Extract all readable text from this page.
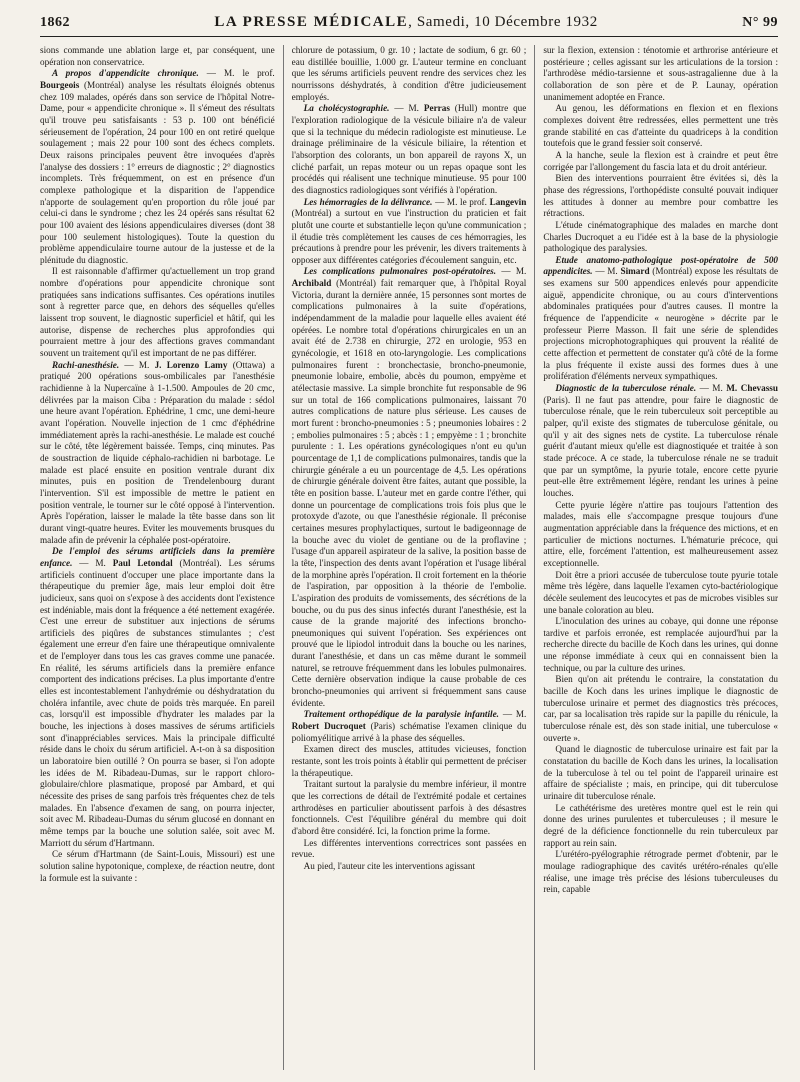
1862	LA PRESSE MÉDICALE, Samedi, 10 Décembre 1932	N° 99

sions commande une ablation large et, par conséquent, une opération non conservatrice.

A propos d'appendicite chronique. — M. le prof. Bourgeois (Montréal) analyse les résultats éloignés obtenus chez 109 malades, opérés dans son service de l'hôpital Notre-Dame, pour « appendicite chronique ». Il s'émeut des résultats qu'il trouve peu satisfaisants : 53 p. 100 ont bénéficié sérieusement de l'opération, 24 pour 100 en ont retiré quelque soulagement ; mais 22 pour 100 sont des échecs complets. Deux raisons principales peuvent être invoquées d'après l'analyse des dossiers : 1° erreurs de diagnostic ; 2° diagnostics incomplets. Très fréquemment, on est en présence d'un complexe pathologique et la disparition de l'appendice n'apporte de soulagement qu'en proportion du rôle joué par celui-ci dans le syndrome ; chez les 24 opérés sans résultat 62 pour 100 avaient des lésions appendiculaires diverses (dont 38 pour 100 seulement histologiques). Toute la question du problème appendiculaire tourne autour de la justesse et de la plénitude du diagnostic.

Il est raisonnable d'affirmer qu'actuellement un trop grand nombre d'opérations pour appendicite chronique sont pratiquées sans indications suffisantes. Ces opérations inutiles sont à regretter parce que, en dehors des séquelles qu'elles laissent trop souvent, le diagnostic superficiel et hâtif, qui les autorise, dispense de recherches plus approfondies qui pourraient mettre à jour des affections graves commandant souvent un traitement qu'il est important de ne pas différer.

Rachi-anesthésie. — M. J. Lorenzo Lamy (Ottawa) a pratiqué 200 opérations sous-ombilicales par l'anesthésie rachidienne à la Nupercaïne à 1-1.500. Ampoules de 20 cmc, délivrées par la maison Ciba : Préparation du malade : sédol une heure avant l'opération. Ephédrine, 1 cmc, une demi-heure avant l'opération. Nouvelle injection de 1 cmc d'éphédrine immédiatement après la rachi-anesthésie. Le malade est couché sur le côté, tête légèrement baissée. Temps, cinq minutes. Pas de soustraction de liquide céphalo-rachidien ni barbotage. Le malade est placé ensuite en position ventrale durant dix minutes, puis en position de Trendelenbourg durant l'intervention. S'il est impossible de mettre le patient en position ventrale, le tourner sur le côté opposé à l'intervention. Après l'opération, laisser le malade la tête basse dans son lit durant vingt-quatre heures. Eviter les mouvements brusques du malade afin de prévenir la céphalée post-opératoire.

De l'emploi des sérums artificiels dans la première enfance. — M. Paul Letondal (Montréal). Les sérums artificiels continuent d'occuper une place importante dans la thérapeutique du premier âge, mais leur emploi doit être judicieux, sans quoi on s'expose à des accidents dont l'existence est indéniable, mais dont la fréquence a été nettement exagérée. C'est une erreur de substituer aux injections de sérums artificiels des piqûres de substances stimulantes ; c'est également une erreur d'en faire une thérapeutique omnivalente et de l'employer dans tous les cas graves comme une panacée. En réalité, les sérums artificiels dans la première enfance comportent des indications précises. La plus importante d'entre elles est incontestablement l'anhydrémie ou déshydratation du choléra infantile, avec chute de poids très marquée. En pareil cas, lorsqu'il est impossible d'hydrater les malades par la bouche, les injections à doses massives de sérums artificiels sont d'inappréciables services. Mais la principale difficulté réside dans le choix du sérum artificiel. A-t-on à sa disposition un laboratoire bien outillé ? On pourra se baser, si l'on adopte les idées de M. Ribadeau-Dumas, sur le rapport chloro-globulaire/chlore plasmatique, proposé par Ambard, et qui nécessite des prises de sang parfois très fréquentes chez de tels malades. En l'absence d'examen de sang, on pourra injecter, soit avec M. Ribadeau-Dumas du sérum glucosé en donnant en même temps par la bouche une solution salée, soit avec M. Marriott du sérum d'Hartmann.

Ce sérum d'Hartmann (de Saint-Louis, Missouri) est une solution saline hypotonique, complexe, de réaction neutre, dont la formule est la suivante :

chlorure de potassium, 0 gr. 10 ; lactate de sodium, 6 gr. 60 ; eau distillée bouillie, 1.000 gr. L'auteur termine en concluant que les sérums artificiels peuvent rendre des services chez les nourrissons déshydratés, à condition d'être judicieusement employés.

La cholécystographie. — M. Perras (Hull) montre que l'exploration radiologique de la vésicule biliaire n'a de valeur que si la technique du médecin radiologiste est minutieuse. Le drainage préliminaire de la vésicule biliaire, la rétention et l'absorption des colorants, un bon appareil de rayons X, un cliché parfait, un repas moteur ou un repas opaque sont les procédés qui réalisent une technique minutieuse. 95 pour 100 des diagnostics radiologiques sont vérifiés à l'opération.

Les hémorragies de la délivrance. — M. le prof. Langevin (Montréal) a surtout en vue l'instruction du praticien et fait plutôt une courte et substantielle leçon qu'une communication ; il étudie très complètement les causes de ces hémorragies, les précautions à prendre pour les prévenir, les divers traitements à opposer aux différentes catégories d'écoulement sanguin, etc.

Les complications pulmonaires post-opératoires. — M. Archibald (Montréal) fait remarquer que, à l'hôpital Royal Victoria, durant la dernière année, 15 personnes sont mortes de complications pulmonaires à la suite d'opérations, indépendamment de la maladie pour laquelle elles avaient été opérées. Le nombre total d'opérations chirurgicales en un an avait été de 2.738 en chirurgie, 272 en urologie, 953 en gynécologie, et 1618 en oto-laryngologie. Les complications pulmonaires furent : bronchectasie, broncho-pneumonie, pneumonie lobaire, embolie, abcès du poumon, empyème et atélectasie massive. La simple bronchite fut responsable de 96 sur un total de 166 complications pulmonaires, laissant 70 autres complications de nature plus sérieuse. Les causes de mort furent : broncho-pneumonies : 5 ; pneumonies lobaires : 2 ; embolies pulmonaires : 5 ; abcès : 1 ; empyème : 1 ; bronchite purulente : 1. Les opérations gynécologiques n'ont eu qu'un pourcentage de 1,1 de complications pulmonaires, tandis que la chirurgie générale a eu un pourcentage de 4,5. Les opérations de chirurgie générale doivent être faites, autant que possible, la tête en position basse. L'auteur met en garde contre l'éther, qui donne un pourcentage de complications trois fois plus que le protoxyde d'azote, ou que l'anesthésie régionale. Il préconise certaines mesures prophylactiques, surtout le badigeonnage de la bouche avec du violet de gentiane ou de la proflavine ; l'usage d'un appareil aspirateur de la salive, la position basse de la tête, l'inspection des dents avant l'opération et l'usage libéral de la morphine après l'opération. Il croit fortement en la théorie de l'aspiration, par opposition à la théorie de l'embolie. L'aspiration des produits de vomissements, des sécrétions de la bouche, ou du pus des sinus infectés durant l'anesthésie, est la cause de la grande majorité des infections broncho-pneumoniques qui suivent l'opération. Ses expériences ont prouvé que le lipiodol introduit dans la bouche ou les narines, durant l'anesthésie, et dans un cas même durant le sommeil naturel, se retrouve fréquemment dans les lobules pulmonaires. Cette dernière observation indique la cause probable de ces broncho-pneumonies qui arrivent si fréquemment sans cause évidente.

Traitement orthopédique de la paralysie infantile. — M. Robert Ducroquet (Paris) schématise l'examen clinique du poliomyélitique arrivé à la phase des séquelles.

Examen direct des muscles, attitudes vicieuses, fonction restante, sont les trois points à établir qui permettent de préciser la thérapeutique.

Traitant surtout la paralysie du membre inférieur, il montre que les corrections de détail de l'extrémité podale et certaines arthrodèses en particulier aboutissent parfois à des désastres fonctionnels. C'est l'équilibre général du membre qui doit d'abord être considéré. Ici, la fonction prime la forme.

Les différentes interventions correctrices sont passées en revue.

Au pied, l'auteur cite les interventions agissant

sur la flexion, extension : ténotomie et arthrorise antérieure et postérieure ; celles agissant sur les articulations de la torsion : l'arthrodèse médio-tarsienne et sous-astragalienne due à la collaboration de son père et de P. Launay, opération unanimement adoptée en France.

Au genou, les déformations en flexion et en flexions complexes doivent être redressées, elles permettent une très grande stabilité en cas d'atteinte du quadriceps à la condition toutefois que le grand fessier soit conservé.

A la hanche, seule la flexion est à craindre et peut être corrigée par l'allongement du fascia lata et du droit antérieur.

Bien des interventions pourraient être évitées si, dès la phase des régressions, l'orthopédiste consulté pouvait indiquer les attitudes à donner au membre pour combattre les rétractions.

L'étude cinématographique des malades en marche dont Charles Ducroquet a eu l'idée est à la base de la physiologie pathologique des paralysies.

Etude anatomo-pathologique post-opératoire de 500 appendicites. — M. Simard (Montréal) expose les résultats de ses examens sur 500 appendices enlevés pour appendicite aiguë, appendicite chronique, ou au cours d'interventions abdominales pratiquées pour d'autres causes. Il montre la fréquence de l'appendicite « neurogène » décrite par le professeur Pierre Masson. Il fait une série de splendides projections microphotographiques qui prouvent la réalité de cette affection et permettent de constater qu'à côté de la forme la plus fréquente il existe aussi des formes dues à une prolifération d'éléments nerveux sympathiques.

Diagnostic de la tuberculose rénale. — M. M. Chevassu (Paris). Il ne faut pas attendre, pour faire le diagnostic de tuberculose rénale, que le rein tuberculeux soit perceptible au palper, qu'il existe des stigmates de tuberculose génitale, ou qu'il y ait des signes nets de cystite. La tuberculose rénale guérit d'autant mieux qu'elle est diagnostiquée et traitée à son stade précoce. A ce stade, la tuberculose rénale ne se traduit que par un symptôme, la pyurie totale, encore cette pyurie peut-elle être extrêmement légère, rendant les urines à peine louches.

Cette pyurie légère n'attire pas toujours l'attention des malades, mais elle s'accompagne presque toujours d'une augmentation appréciable dans la fréquence des mictions, et en particulier de mictions nocturnes. L'hématurie précoce, qui attire, elle, forcément l'attention, est malheureusement assez exceptionnelle.

Doit être a priori accusée de tuberculose toute pyurie totale même très légère, dans laquelle l'examen cyto-bactériologique décèle seulement des leucocytes et pas de microbes visibles sur une banale coloration au bleu.

L'inoculation des urines au cobaye, qui donne une réponse tardive et parfois erronée, est remplacée aujourd'hui par la recherche directe du bacille de Koch dans les urines, qui donne une réponse immédiate à ceux qui en connaissent bien la technique, ou par la culture des urines.

Bien qu'on ait prétendu le contraire, la constatation du bacille de Koch dans les urines implique le diagnostic de tuberculose urinaire et permet des diagnostics très précoces, car, par sa localisation très rapide sur la papille du rénicule, la tuberculose rénale est, dès son stade initial, une tuberculose « ouverte ».

Quand le diagnostic de tuberculose urinaire est fait par la constatation du bacille de Koch dans les urines, la localisation de la tuberculose à tel ou tel point de l'appareil urinaire est affaire de spécialiste ; mais, en principe, qui dit tuberculose urinaire dit tuberculose rénale.

Le cathétérisme des uretères montre quel est le rein qui donne des urines purulentes et tuberculeuses ; il mesure le degré de la déficience fonctionnelle du rein tuberculeux par rapport au rein sain.

L'urétéro-pyélographie rétrograde permet d'obtenir, par le moulage radiographique des cavités urétéro-rénales qu'elle réalise, une image très précise des lésions tuberculeuses du rein, capable
